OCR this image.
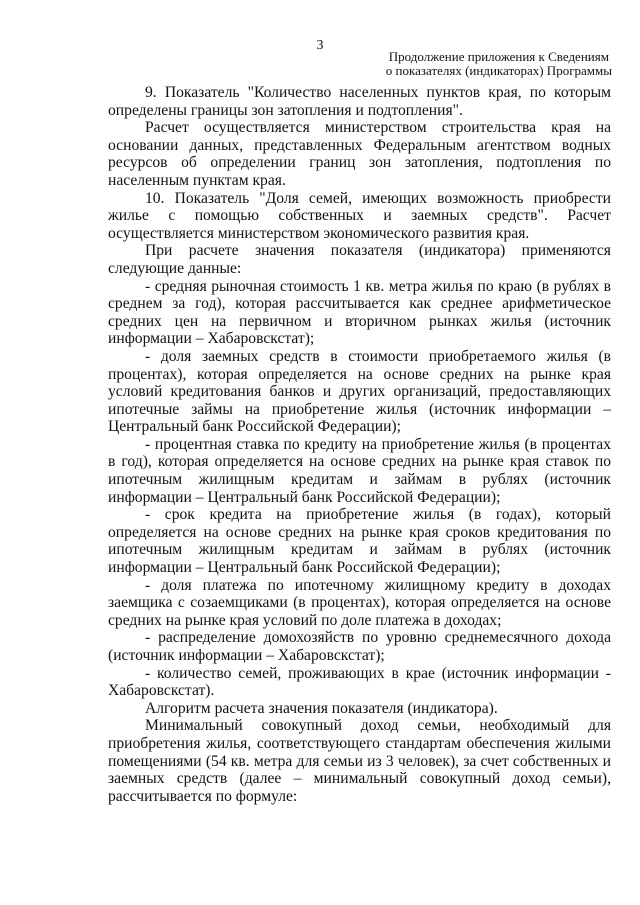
3
Продолжение приложения к Сведениям
о показателях (индикаторах) Программы

9. Показатель "Количество населенных пунктов края, по которым определены границы зон затопления и подтопления".

Расчет осуществляется министерством строительства края на основании данных, представленных Федеральным агентством водных ресурсов об определении границ зон затопления, подтопления по населенным пунктам края.

10. Показатель "Доля семей, имеющих возможность приобрести жилье с помощью собственных и заемных средств". Расчет осуществляется министерством экономического развития края.

При расчете значения показателя (индикатора) применяются следующие данные:

- средняя рыночная стоимость 1 кв. метра жилья по краю (в рублях в среднем за год), которая рассчитывается как среднее арифметическое средних цен на первичном и вторичном рынках жилья (источник информации – Хабаровскстат);

- доля заемных средств в стоимости приобретаемого жилья (в процентах), которая определяется на основе средних на рынке края условий кредитования банков и других организаций, предоставляющих ипотечные займы на приобретение жилья (источник информации – Центральный банк Российской Федерации);

- процентная ставка по кредиту на приобретение жилья (в процентах в год), которая определяется на основе средних на рынке края ставок по ипотечным жилищным кредитам и займам в рублях (источник информации – Центральный банк Российской Федерации);

- срок кредита на приобретение жилья (в годах), который определяется на основе средних на рынке края сроков кредитования по ипотечным жилищным кредитам и займам в рублях (источник информации – Центральный банк Российской Федерации);

- доля платежа по ипотечному жилищному кредиту в доходах заемщика с созаемщиками (в процентах), которая определяется на основе средних на рынке края условий по доле платежа в доходах;

- распределение домохозяйств по уровню среднемесячного дохода (источник информации – Хабаровскстат);

- количество семей, проживающих в крае (источник информации - Хабаровскстат).

Алгоритм расчета значения показателя (индикатора).

Минимальный совокупный доход семьи, необходимый для приобретения жилья, соответствующего стандартам обеспечения жилыми помещениями (54 кв. метра для семьи из 3 человек), за счет собственных и заемных средств (далее – минимальный совокупный доход семьи), рассчитывается по формуле:
